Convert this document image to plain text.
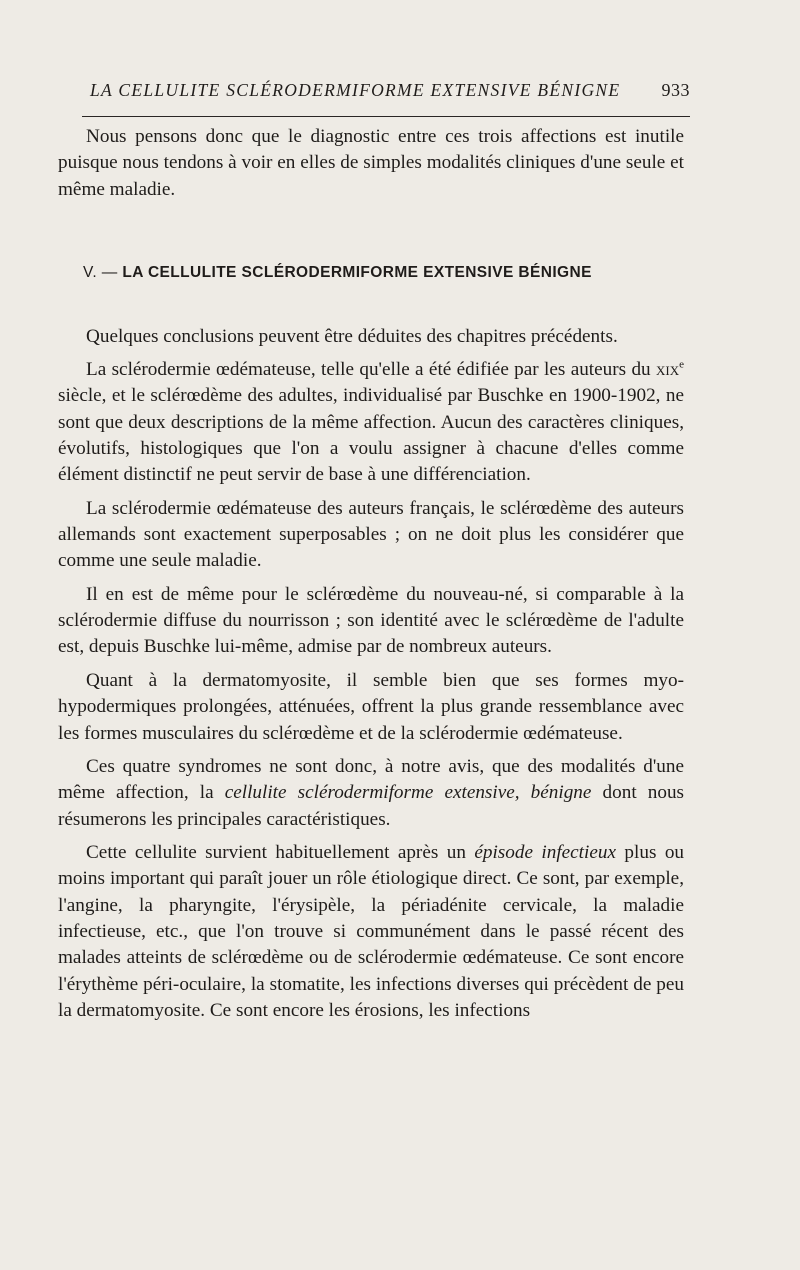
LA CELLULITE SCLÉRODERMIFORME EXTENSIVE BÉNIGNE 933

Nous pensons donc que le diagnostic entre ces trois affections est inutile puisque nous tendons à voir en elles de simples modalités cliniques d'une seule et même maladie.

V. — LA CELLULITE SCLÉRODERMIFORME EXTENSIVE BÉNIGNE

Quelques conclusions peuvent être déduites des chapitres précédents.

La sclérodermie œdémateuse, telle qu'elle a été édifiée par les auteurs du xix$^e$ siècle, et le sclérœdème des adultes, individualisé par Buschke en 1900-1902, ne sont que deux descriptions de la même affection. Aucun des caractères cliniques, évolutifs, histologiques que l'on a voulu assigner à chacune d'elles comme élément distinctif ne peut servir de base à une différenciation.

La sclérodermie œdémateuse des auteurs français, le sclérœdème des auteurs allemands sont exactement superposables ; on ne doit plus les considérer que comme une seule maladie.

Il en est de même pour le sclérœdème du nouveau-né, si comparable à la sclérodermie diffuse du nourrisson ; son identité avec le sclérœdème de l'adulte est, depuis Buschke lui-même, admise par de nombreux auteurs.

Quant à la dermatomyosite, il semble bien que ses formes myo-hypodermiques prolongées, atténuées, offrent la plus grande ressemblance avec les formes musculaires du sclérœdème et de la sclérodermie œdémateuse.

Ces quatre syndromes ne sont donc, à notre avis, que des modalités d'une même affection, la cellulite sclérodermiforme extensive, bénigne dont nous résumerons les principales caractéristiques.

Cette cellulite survient habituellement après un épisode infectieux plus ou moins important qui paraît jouer un rôle étiologique direct. Ce sont, par exemple, l'angine, la pharyngite, l'érysipèle, la périadénite cervicale, la maladie infectieuse, etc., que l'on trouve si communément dans le passé récent des malades atteints de sclérœdème ou de sclérodermie œdémateuse. Ce sont encore l'érythème péri-oculaire, la stomatite, les infections diverses qui précèdent de peu la dermatomyosite. Ce sont encore les érosions, les infections
